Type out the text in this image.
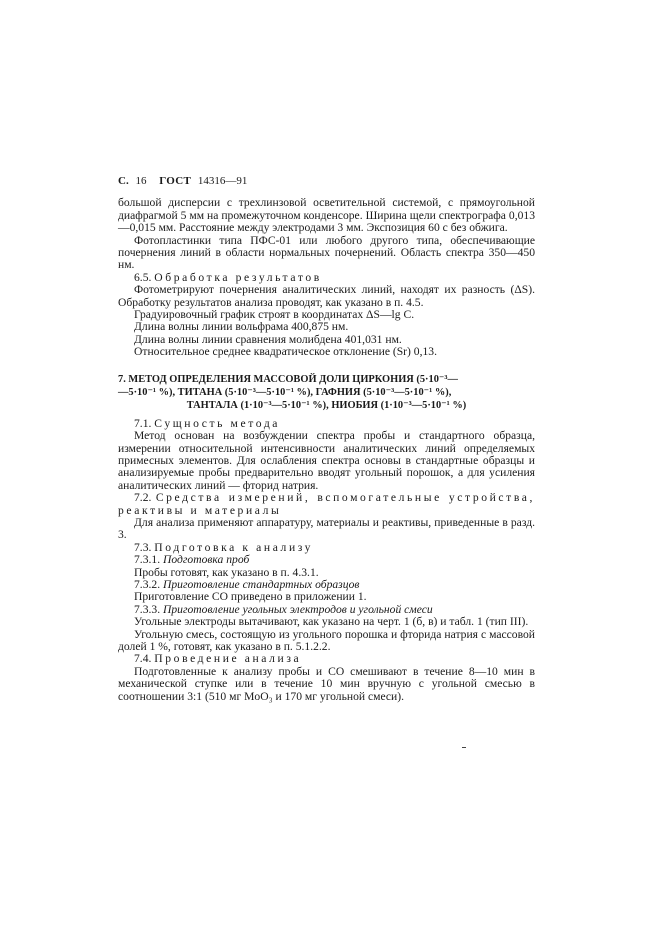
С. 16 ГОСТ 14316—91

большой дисперсии с трехлинзовой осветительной системой, с прямоугольной диафрагмой 5 мм на промежуточном конденсоре. Ширина щели спектрографа 0,013—0,015 мм. Расстояние между электродами 3 мм. Экспозиция 60 с без обжига.

Фотопластинки типа ПФС-01 или любого другого типа, обеспечивающие почернения линий в области нормальных почернений. Область спектра 350—450 нм.

6.5. Обработка результатов

Фотометрируют почернения аналитических линий, находят их разность (ΔS). Обработку результатов анализа проводят, как указано в п. 4.5.

Градуировочный график строят в координатах ΔS—lg C.

Длина волны линии вольфрама 400,875 нм.

Длина волны линии сравнения молибдена 401,031 нм.

Относительное среднее квадратическое отклонение (Sr) 0,13.

7. МЕТОД ОПРЕДЕЛЕНИЯ МАССОВОЙ ДОЛИ ЦИРКОНИЯ (5·10⁻³—
—5·10⁻¹ %), ТИТАНА (5·10⁻³—5·10⁻¹ %), ГАФНИЯ (5·10⁻³—5·10⁻¹ %),
ТАНТАЛА (1·10⁻³—5·10⁻¹ %), НИОБИЯ (1·10⁻³—5·10⁻¹ %)

7.1. Сущность метода

Метод основан на возбуждении спектра пробы и стандартного образца, измерении относительной интенсивности аналитических линий определяемых примесных элементов. Для ослабления спектра основы в стандартные образцы и анализируемые пробы предварительно вводят угольный порошок, а для усиления аналитических линий — фторид натрия.

7.2. Средства измерений, вспомогательные устройства, реактивы и материалы

Для анализа применяют аппаратуру, материалы и реактивы, приведенные в разд. 3.

7.3. Подготовка к анализу

7.3.1. Подготовка проб

Пробы готовят, как указано в п. 4.3.1.

7.3.2. Приготовление стандартных образцов

Приготовление СО приведено в приложении 1.

7.3.3. Приготовление угольных электродов и угольной смеси

Угольные электроды вытачивают, как указано на черт. 1 (б, в) и табл. 1 (тип III).

Угольную смесь, состоящую из угольного порошка и фторида натрия с массовой долей 1 %, готовят, как указано в п. 5.1.2.2.

7.4. Проведение анализа

Подготовленные к анализу пробы и СО смешивают в течение 8—10 мин в механической ступке или в течение 10 мин вручную с угольной смесью в соотношении 3:1 (510 мг MoO₃ и 170 мг угольной смеси).
